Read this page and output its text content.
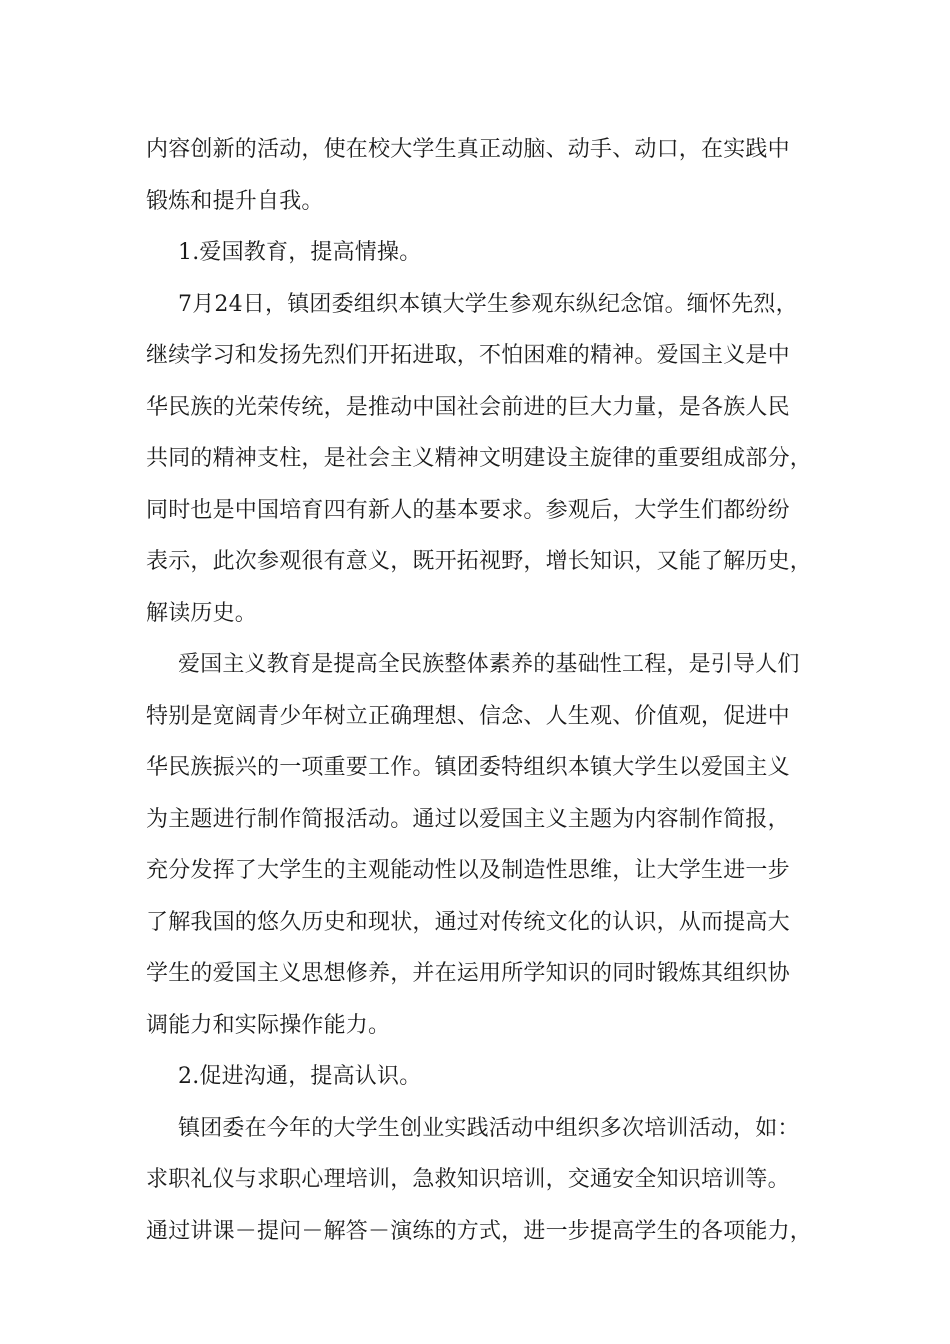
内容创新的活动，使在校大学生真正动脑、动手、动口，在实践中
锻炼和提升自我。
1.爱国教育，提高情操。
7月24日，镇团委组织本镇大学生参观东纵纪念馆。缅怀先烈，
继续学习和发扬先烈们开拓进取，不怕困难的精神。爱国主义是中
华民族的光荣传统，是推动中国社会前进的巨大力量，是各族人民
共同的精神支柱，是社会主义精神文明建设主旋律的重要组成部分，
同时也是中国培育四有新人的基本要求。参观后，大学生们都纷纷
表示，此次参观很有意义，既开拓视野，增长知识，又能了解历史，
解读历史。
爱国主义教育是提高全民族整体素养的基础性工程，是引导人们
特别是宽阔青少年树立正确理想、信念、人生观、价值观，促进中
华民族振兴的一项重要工作。镇团委特组织本镇大学生以爱国主义
为主题进行制作简报活动。通过以爱国主义主题为内容制作简报，
充分发挥了大学生的主观能动性以及制造性思维，让大学生进一步
了解我国的悠久历史和现状，通过对传统文化的认识，从而提高大
学生的爱国主义思想修养，并在运用所学知识的同时锻炼其组织协
调能力和实际操作能力。
2.促进沟通，提高认识。
镇团委在今年的大学生创业实践活动中组织多次培训活动，如：
求职礼仪与求职心理培训，急救知识培训，交通安全知识培训等。
通过讲课－提问－解答－演练的方式，进一步提高学生的各项能力，
